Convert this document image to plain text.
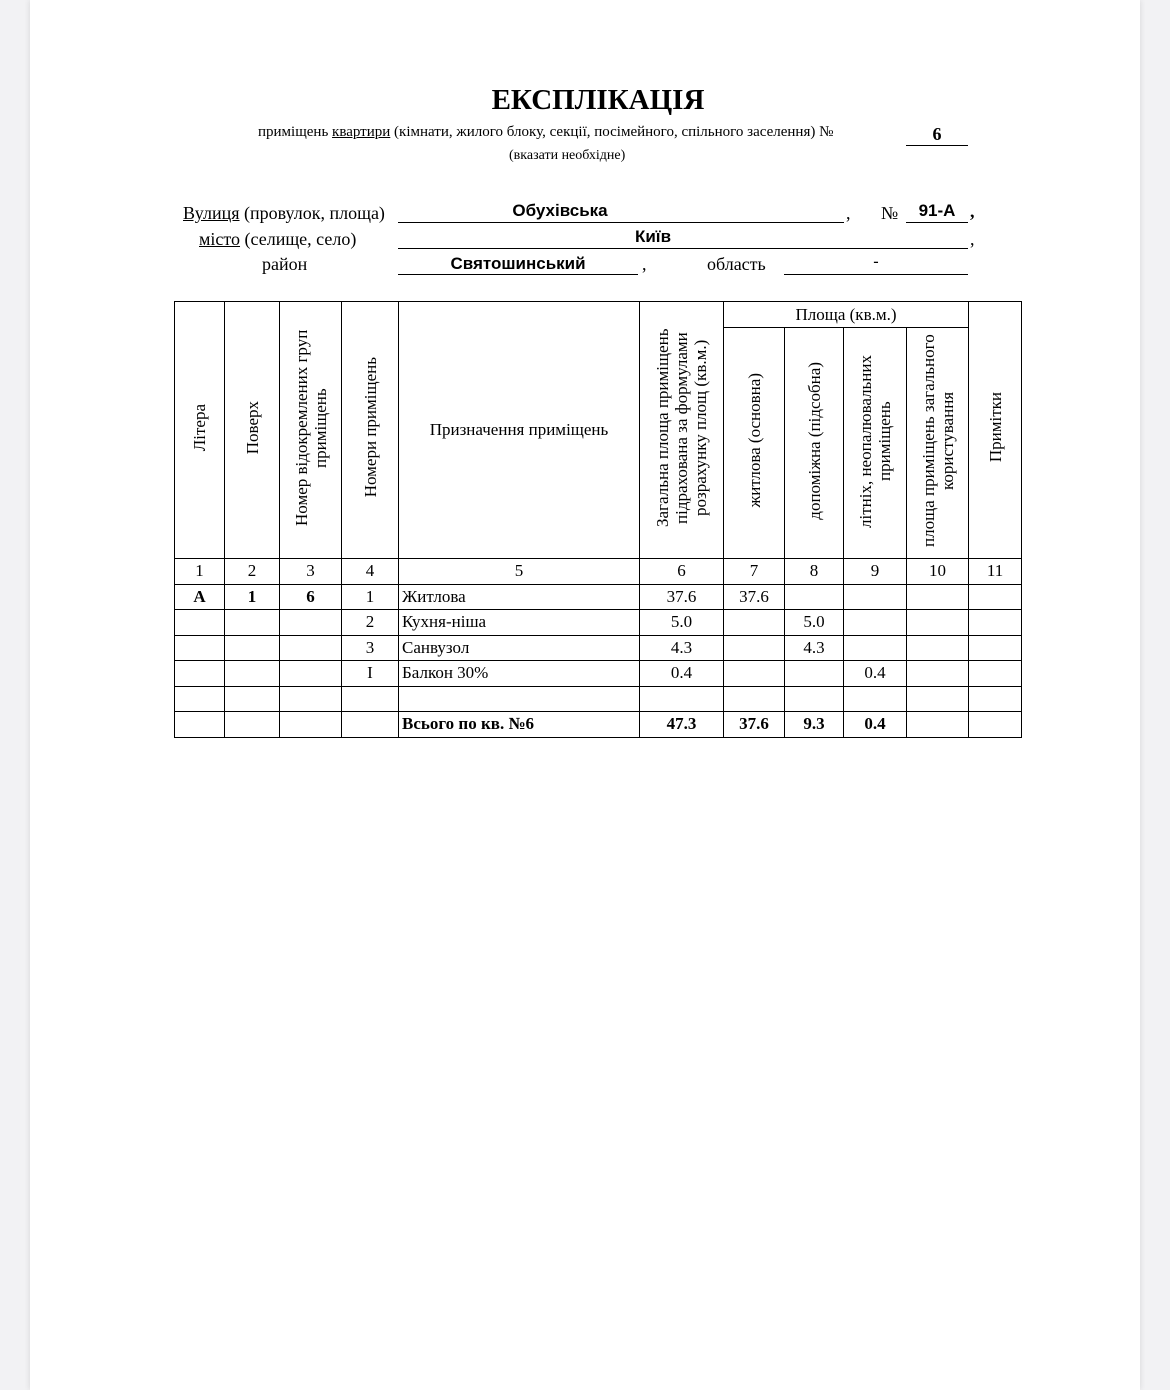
ЕКСПЛІКАЦІЯ
приміщень квартири (кімнати, жилого блоку, секції, посімейного, спільного заселення) №	6
(вказати необхідне)
Вулиця (провулок, площа)	Обухівська	, №	91-А ,
місто (селище, село)	Київ	,
район	Святошинський	,	область	-
Літера	Поверх	Номер відокремлених груп приміщень	Номери приміщень	Призначення приміщень	Загальна площа приміщень підрахована за формулами розрахунку площ (кв.м.)	Площа (кв.м.)				Примітки
						житлова (основна)	допоміжна (підсобна)	літніх, неопалювальних приміщень	площа приміщень загального користування	
1	2	3	4	5	6	7	8	9	10	11
А	1	6	1	Житлова	37.6	37.6				
			2	Кухня-ніша	5.0		5.0			
			3	Санвузол	4.3		4.3			
			I	Балкон 30%	0.4			0.4		

				Всього по кв. №6	47.3	37.6	9.3	0.4		
